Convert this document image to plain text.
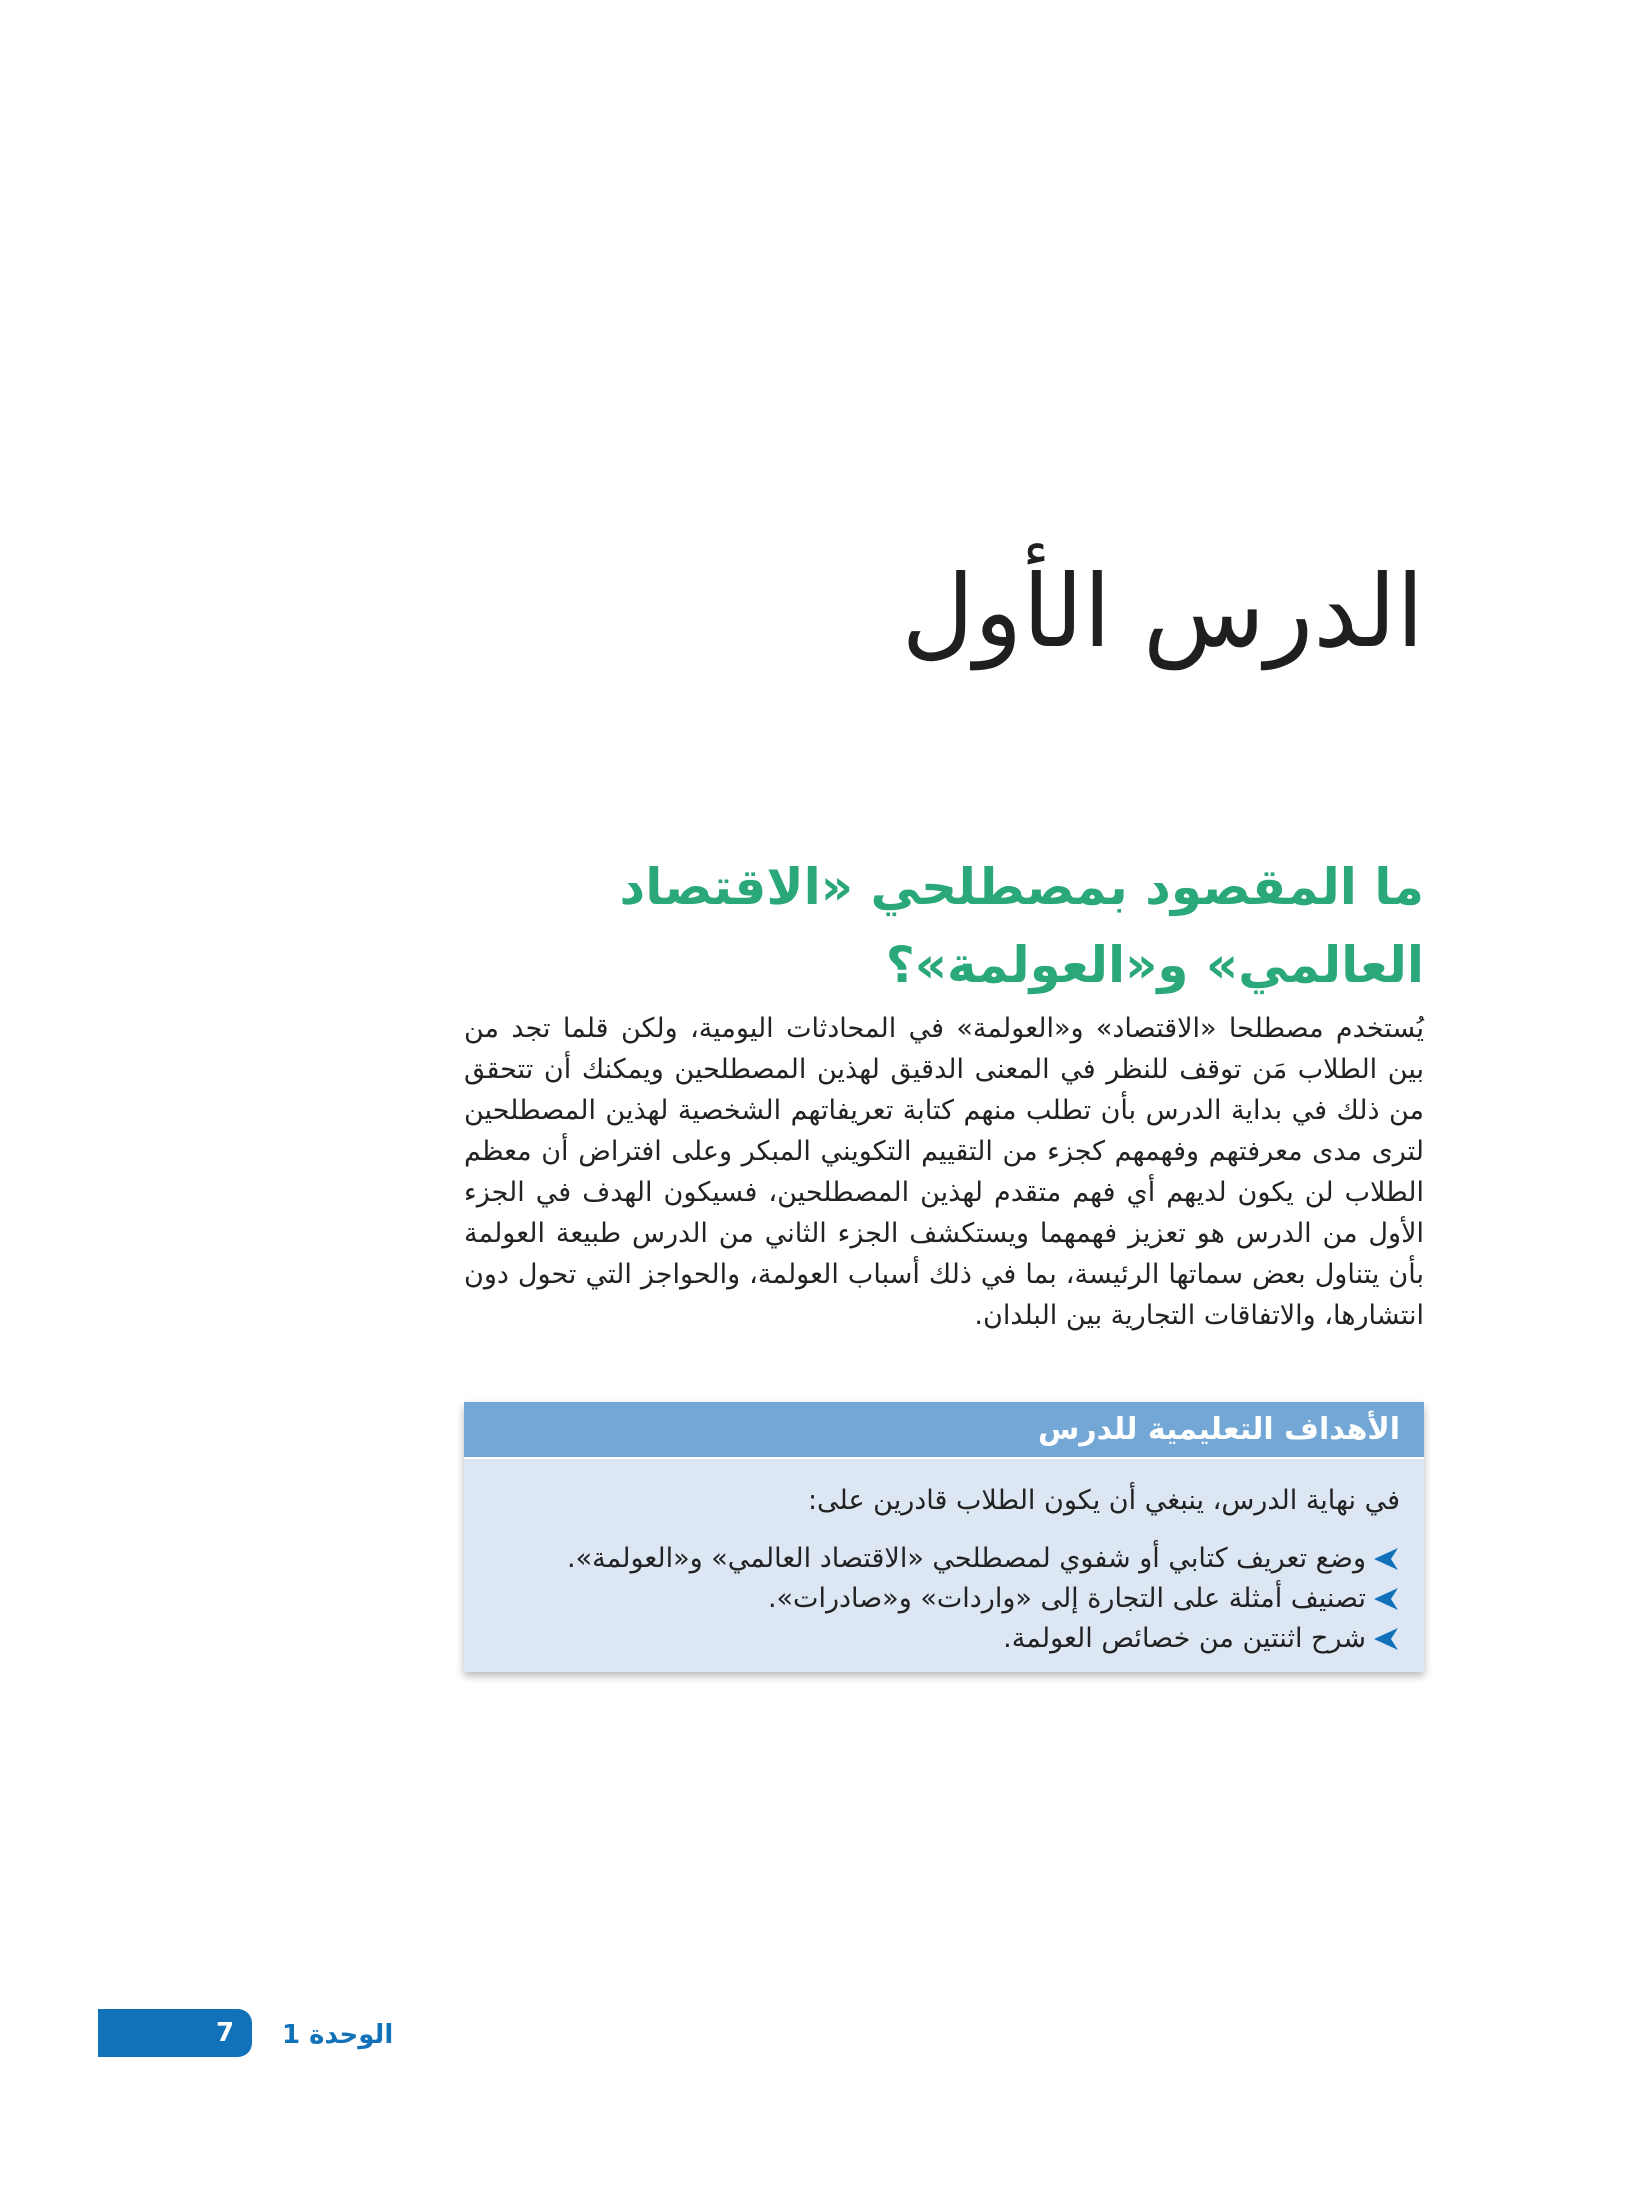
الدرس الأول
ما المقصود بمصطلحي «الاقتصاد العالمي» و«العولمة»؟

يُستخدم مصطلحا «الاقتصاد» و«العولمة» في المحادثات اليومية، ولكن قلما تجد من بين الطلاب مَن توقف للنظر في المعنى الدقيق لهذين المصطلحين ويمكنك أن تتحقق من ذلك في بداية الدرس بأن تطلب منهم كتابة تعريفاتهم الشخصية لهذين المصطلحين لترى مدى معرفتهم وفهمهم كجزء من التقييم التكويني المبكر وعلى افتراض أن معظم الطلاب لن يكون لديهم أي فهم متقدم لهذين المصطلحين، فسيكون الهدف في الجزء الأول من الدرس هو تعزيز فهمهما ويستكشف الجزء الثاني من الدرس طبيعة العولمة بأن يتناول بعض سماتها الرئيسة، بما في ذلك أسباب العولمة، والحواجز التي تحول دون انتشارها، والاتفاقات التجارية بين البلدان.

الأهداف التعليمية للدرس
في نهاية الدرس، ينبغي أن يكون الطلاب قادرين على:
وضع تعريف كتابي أو شفوي لمصطلحي «الاقتصاد العالمي» و«العولمة».
تصنيف أمثلة على التجارة إلى «واردات» و«صادرات».
شرح اثنتين من خصائص العولمة.
7 الوحدة 1
